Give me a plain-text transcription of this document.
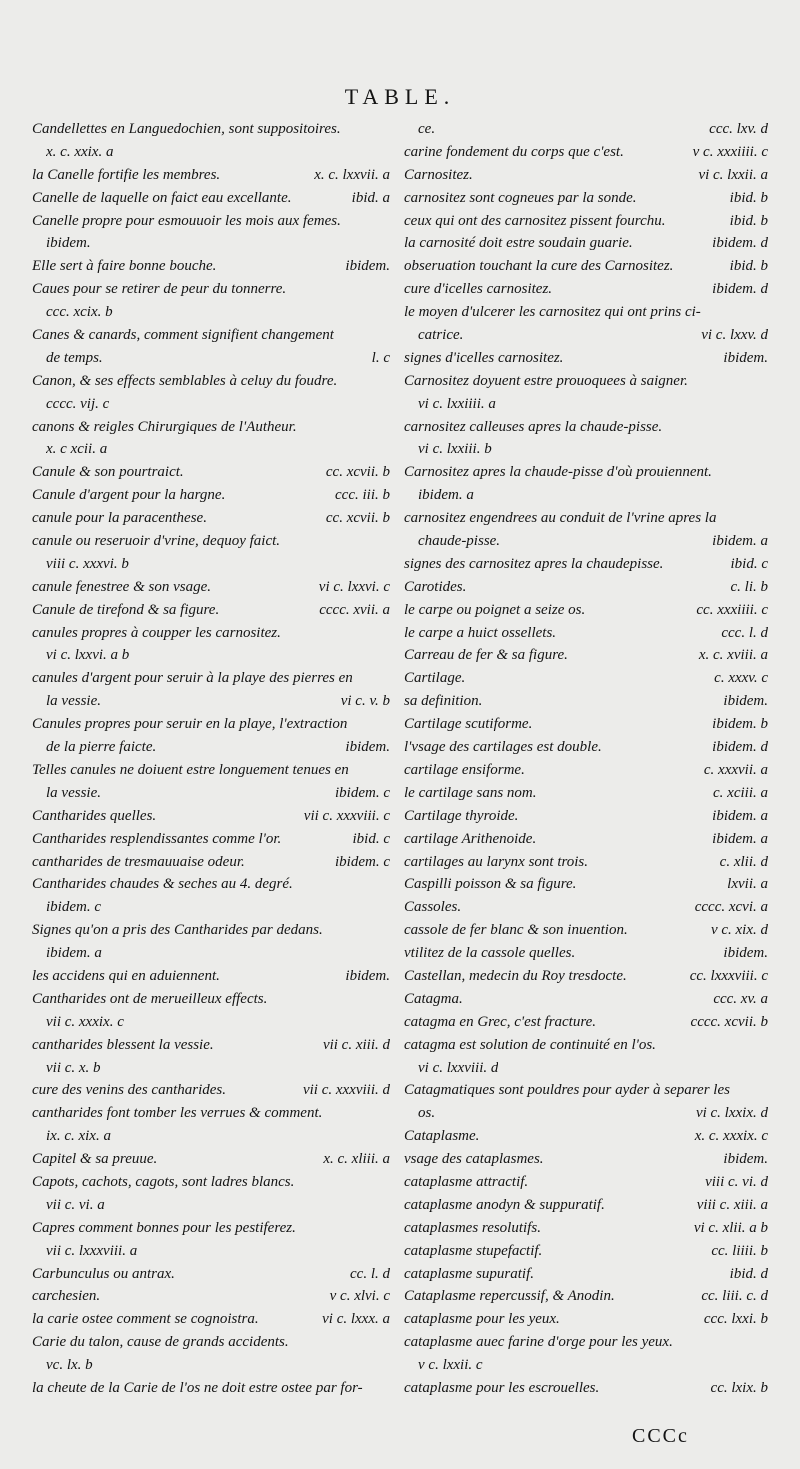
TABLE.
Candellettes en Languedochien, sont suppositoires.
x. c. xxix. a
la Canelle fortifie les membres.	x. c. lxxvii. a
Canelle de laquelle on faict eau excellante.	ibid. a
Canelle propre pour esmouuoir les mois aux femes.
ibidem.
Elle sert à faire bonne bouche.	ibidem.
Caues pour se retirer de peur du tonnerre.
ccc. xcix. b
Canes & canards, comment signifient changement
de temps.	l. c
Canon, & ses effects semblables à celuy du foudre.
cccc. vij. c
canons & reigles Chirurgiques de l'Autheur.
x. c xcii. a
Canule & son pourtraict.	cc. xcvii. b
Canule d'argent pour la hargne.	ccc. iii. b
canule pour la paracenthese.	cc. xcvii. b
canule ou reseruoir d'vrine, dequoy faict.
viii c. xxxvi. b
canule fenestree & son vsage.	vi c. lxxvi. c
Canule de tirefond & sa figure.	cccc. xvii. a
canules propres à coupper les carnositez.
vi c. lxxvi. a b
canules d'argent pour seruir à la playe des pierres en
la vessie.	vi c. v. b
Canules propres pour seruir en la playe, l'extraction
de la pierre faicte.	ibidem.
Telles canules ne doiuent estre longuement tenues en
la vessie.	ibidem. c
Cantharides quelles.	vii c. xxxviii. c
Cantharides resplendissantes comme l'or.	ibid. c
cantharides de tresmauuaise odeur.	ibidem. c
Cantharides chaudes & seches au 4. degré.
ibidem. c
Signes qu'on a pris des Cantharides par dedans.
ibidem. a
les accidens qui en aduiennent.	ibidem.
Cantharides ont de merueilleux effects.
vii c. xxxix. c
cantharides blessent la vessie.	vii c. xiii. d
vii c. x. b
cure des venins des cantharides.	vii c. xxxviii. d
cantharides font tomber les verrues & comment.
ix. c. xix. a
Capitel & sa preuue.	x. c. xliii. a
Capots, cachots, cagots, sont ladres blancs.
vii c. vi. a
Capres comment bonnes pour les pestiferez.
vii c. lxxxviii. a
Carbunculus ou antrax.	cc. l. d
carchesien.	v c. xlvi. c
la carie ostee comment se cognoistra.	vi c. lxxx. a
Carie du talon, cause de grands accidents.
vc. lx. b
la cheute de la Carie de l'os ne doit estre ostee par for-
ce.	ccc. lxv. d
carine fondement du corps que c'est.	v c. xxxiiii. c
Carnositez.	vi c. lxxii. a
carnositez sont cogneues par la sonde.	ibid. b
ceux qui ont des carnositez pissent fourchu.	ibid. b
la carnosité doit estre soudain guarie.	ibidem. d
obseruation touchant la cure des Carnositez.	ibid. b
cure d'icelles carnositez.	ibidem. d
le moyen d'ulcerer les carnositez qui ont prins ci-
catrice.	vi c. lxxv. d
signes d'icelles carnositez.	ibidem.
Carnositez doyuent estre prouoquees à saigner.
vi c. lxxiiii. a
carnositez calleuses apres la chaude-pisse.
vi c. lxxiii. b
Carnositez apres la chaude-pisse d'où prouiennent.
ibidem. a
carnositez engendrees au conduit de l'vrine apres la
chaude-pisse.	ibidem. a
signes des carnositez apres la chaudepisse.	ibid. c
Carotides.	c. li. b
le carpe ou poignet a seize os.	cc. xxxiiii. c
le carpe a huict ossellets.	ccc. l. d
Carreau de fer & sa figure.	x. c. xviii. a
Cartilage.	c. xxxv. c
sa definition.	ibidem.
Cartilage scutiforme.	ibidem. b
l'vsage des cartilages est double.	ibidem. d
cartilage ensiforme.	c. xxxvii. a
le cartilage sans nom.	c. xciii. a
Cartilage thyroide.	ibidem. a
cartilage Arithenoide.	ibidem. a
cartilages au larynx sont trois.	c. xlii. d
Caspilli poisson & sa figure.	lxvii. a
Cassoles.	cccc. xcvi. a
cassole de fer blanc & son inuention.	v c. xix. d
vtilitez de la cassole quelles.	ibidem.
Castellan, medecin du Roy tresdocte.	cc. lxxxviii. c
Catagma.	ccc. xv. a
catagma en Grec, c'est fracture.	cccc. xcvii. b
catagma est solution de continuité en l'os.
vi c. lxxviii. d
Catagmatiques sont pouldres pour ayder à separer les
os.	vi c. lxxix. d
Cataplasme.	x. c. xxxix. c
vsage des cataplasmes.	ibidem.
cataplasme attractif.	viii c. vi. d
cataplasme anodyn & suppuratif.	viii c. xiii. a
cataplasmes resolutifs.	vi c. xlii. a b
cataplasme stupefactif.	cc. liiii. b
cataplasme supuratif.	ibid. d
Cataplasme repercussif, & Anodin.	cc. liii. c. d
cataplasme pour les yeux.	ccc. lxxi. b
cataplasme auec farine d'orge pour les yeux.
v c. lxxii. c
cataplasme pour les escrouelles.	cc. lxix. b
CCCc
